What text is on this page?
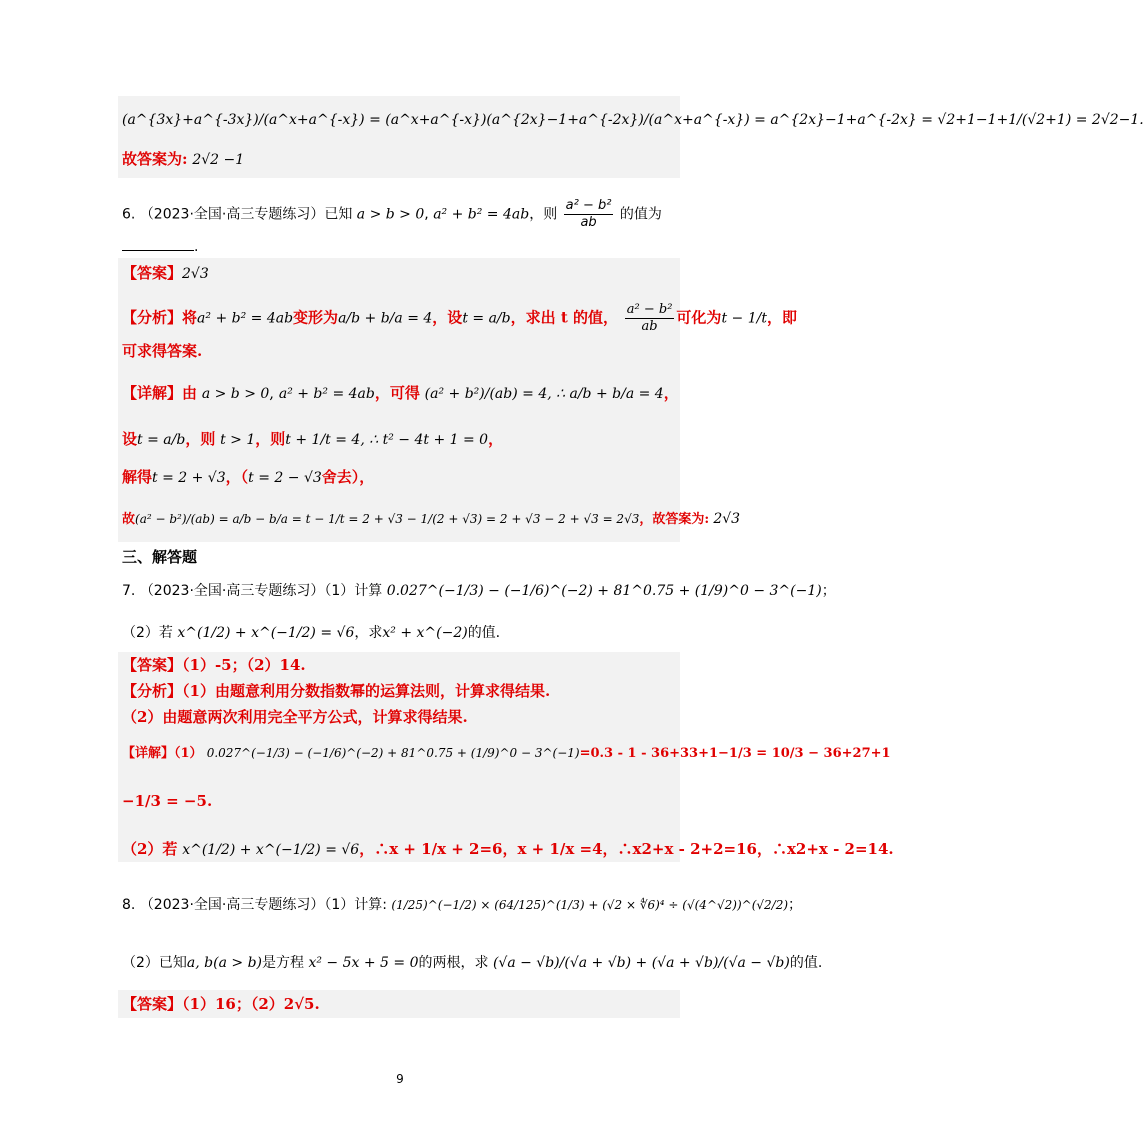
(a^{3x}+a^{-3x})/(a^x+a^{-x}) = (a^x+a^{-x})(a^{2x}−1+a^{-2x})/(a^x+a^{-x}) = a^{2x}−1+a^{-2x} = √2+1−1+1/(√2+1) = 2√2−1.
故答案为: 2√2 −1
6. （2023·全国·高三专题练习）已知 a > b > 0, a² + b² = 4ab，则 $\frac{\text{a² − b²}}{ab}$ 的值为
.
【答案】2√3
【分析】将a² + b² = 4ab变形为a/b + b/a = 4，设t = a/b，求出 t 的值， $\frac{\text{a² − b²}}{ab}$ 可化为t − 1/t，即
可求得答案.
【详解】由 a > b > 0, a² + b² = 4ab，可得 (a² + b²)/(ab) = 4, ∴ a/b + b/a = 4，
设t = a/b，则 t > 1，则t + 1/t = 4, ∴ t² − 4t + 1 = 0，
解得t = 2 + √3，（t = 2 − √3舍去），
故(a² − b²)/(ab) = a/b − b/a = t − 1/t = 2 + √3 − 1/(2 + √3) = 2 + √3 − 2 + √3 = 2√3，故答案为: 2√3
三、解答题
7. （2023·全国·高三专题练习）（1）计算 0.027^(−1/3) − (−1/6)^(−2) + 81^0.75 + (1/9)^0 − 3^(−1)；
（2）若 x^(1/2) + x^(−1/2) = √6，求x² + x^(−2)的值.
【答案】（1）-5；（2）14.
【分析】（1）由题意利用分数指数幂的运算法则，计算求得结果.
（2）由题意两次利用完全平方公式，计算求得结果.
【详解】（1） 0.027^(−1/3) − (−1/6)^(−2) + 81^0.75 + (1/9)^0 − 3^(−1)=0.3 - 1 - 36+33+1−1/3 = 10/3 − 36+27+1
−1/3 = −5.
（2）若 x^(1/2) + x^(−1/2) = √6，∴x + 1/x + 2=6，x + 1/x =4，∴x2+x - 2+2=16，∴x2+x - 2=14.
8. （2023·全国·高三专题练习）（1）计算: (1/25)^(−1/2) × (64/125)^(1/3) + (√2 × ∜6)⁴ ÷ (√(4^√2))^(√2/2)；
（2）已知a, b(a > b)是方程 x² − 5x + 5 = 0的两根，求 (√a − √b)/(√a + √b) + (√a + √b)/(√a − √b)的值.
【答案】（1）16；（2）2√5.
9
